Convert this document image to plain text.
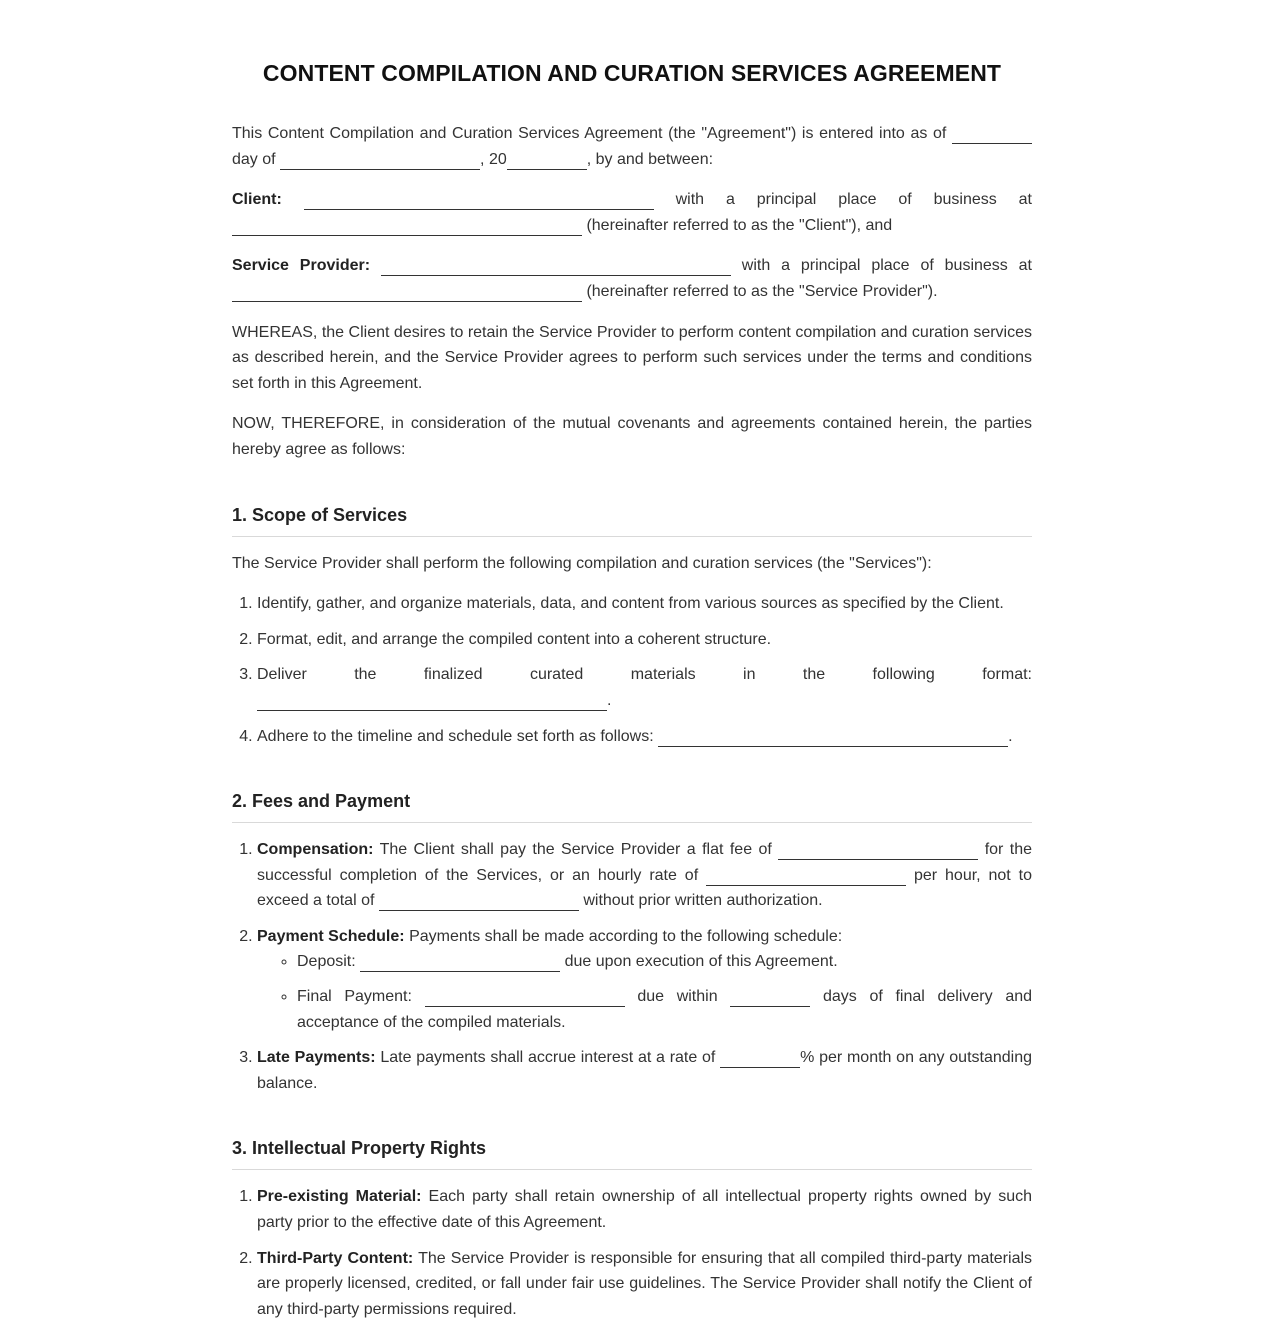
CONTENT COMPILATION AND CURATION SERVICES AGREEMENT

This Content Compilation and Curation Services Agreement (the "Agreement") is entered into as of  day of	, 20	, by and between:

Client:	with a principal place of business at
(hereinafter referred to as the "Client"), and

Service Provider:	with a principal place of business at
(hereinafter referred to as the "Service Provider").

WHEREAS, the Client desires to retain the Service Provider to perform content compilation and curation services as described herein, and the Service Provider agrees to perform such services under the terms and conditions set forth in this Agreement.

NOW, THEREFORE, in consideration of the mutual covenants and agreements contained herein, the parties hereby agree as follows:

1. Scope of Services

The Service Provider shall perform the following compilation and curation services (the "Services"):

1. Identify, gather, and organize materials, data, and content from various sources as specified by the Client.
2. Format, edit, and arrange the compiled content into a coherent structure.
3. Deliver the finalized curated materials in the following format:
.
4. Adhere to the timeline and schedule set forth as follows:	.
2. Fees and Payment
1. Compensation: The Client shall pay the Service Provider a flat fee of	for the successful completion of the Services, or an hourly rate of	per hour, not to exceed a total of	without prior written authorization.
2. Payment Schedule: Payments shall be made according to the following schedule:
◦ Deposit:	due upon execution of this Agreement.
◦ Final Payment:	due within	days of final delivery and acceptance of the compiled materials.
3. Late Payments: Late payments shall accrue interest at a rate of	% per month on any outstanding balance.
3. Intellectual Property Rights
1. Pre-existing Material: Each party shall retain ownership of all intellectual property rights owned by such party prior to the effective date of this Agreement.
2. Third-Party Content: The Service Provider is responsible for ensuring that all compiled third-party materials are properly licensed, credited, or fall under fair use guidelines. The Service Provider shall notify the Client of any third-party permissions required.
